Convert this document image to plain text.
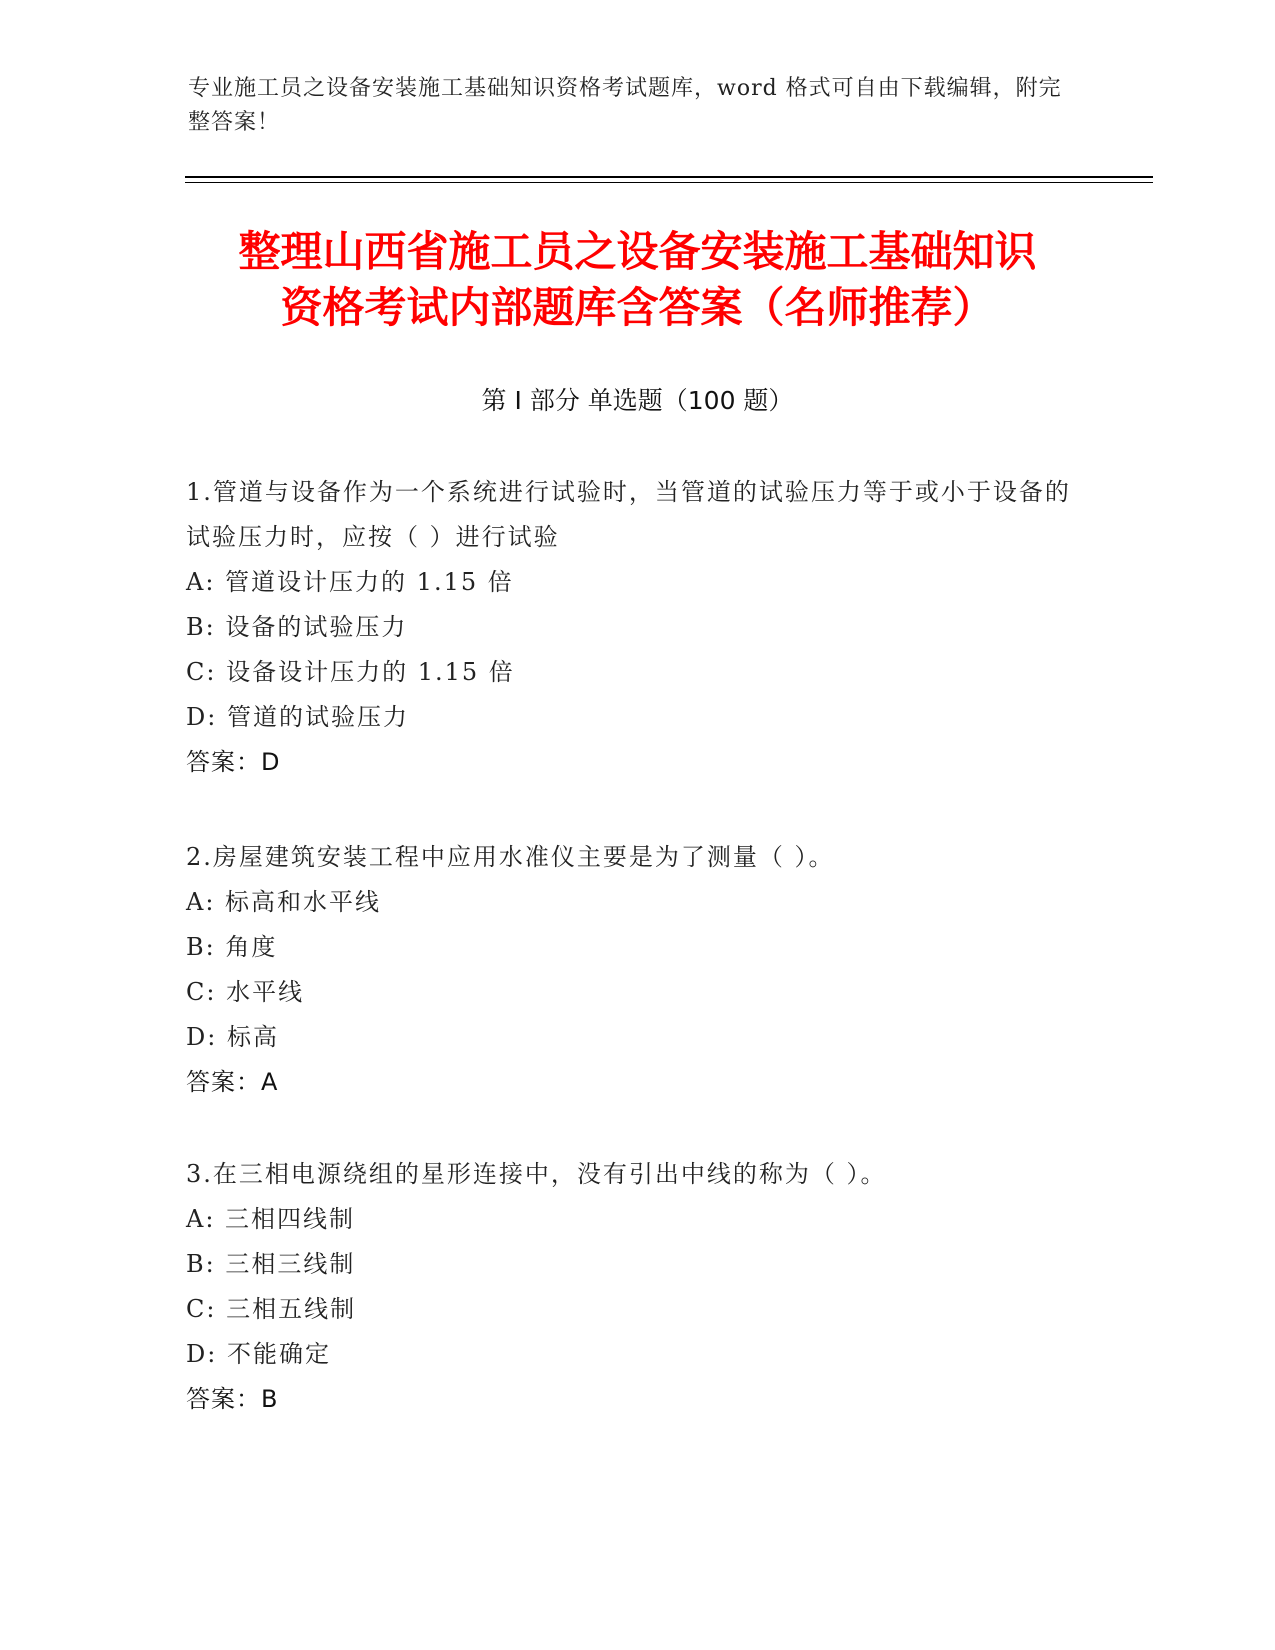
专业施工员之设备安装施工基础知识资格考试题库，word 格式可自由下载编辑，附完整答案！
整理山西省施工员之设备安装施工基础知识
资格考试内部题库含答案（名师推荐）
第 I 部分 单选题（100 题）

1.管道与设备作为一个系统进行试验时，当管道的试验压力等于或小于设备的试验压力时，应按（ ）进行试验

A: 管道设计压力的 1.15 倍

B: 设备的试验压力

C: 设备设计压力的 1.15 倍

D: 管道的试验压力

答案：D

2.房屋建筑安装工程中应用水准仪主要是为了测量（ ）。

A: 标高和水平线

B: 角度

C: 水平线

D: 标高

答案：A

3.在三相电源绕组的星形连接中，没有引出中线的称为（ ）。

A: 三相四线制

B: 三相三线制

C: 三相五线制

D: 不能确定

答案：B
